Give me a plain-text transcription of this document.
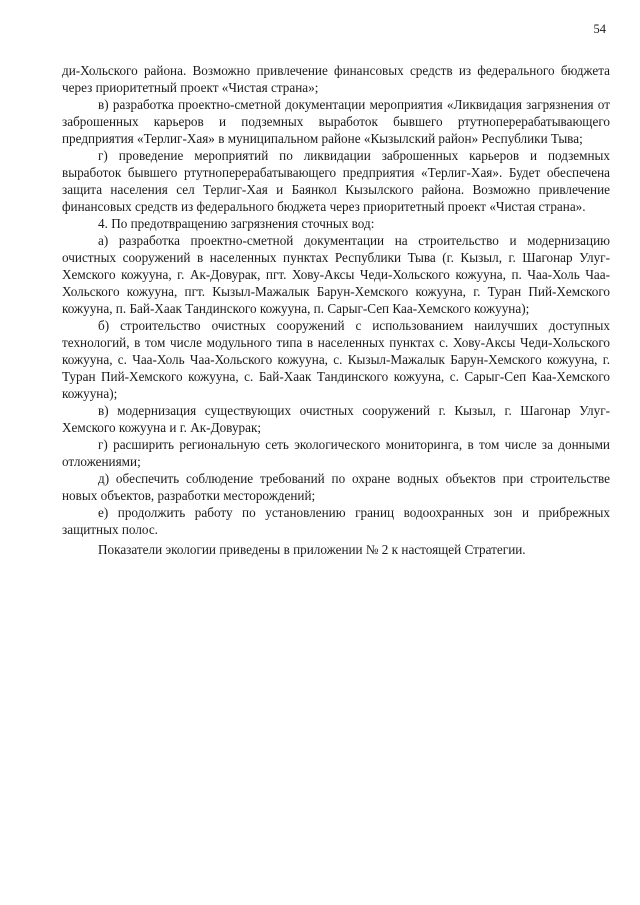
54

ди-Хольского района. Возможно привлечение финансовых средств из федерального бюджета через приоритетный проект «Чистая страна»;

в) разработка проектно-сметной документации мероприятия «Ликвидация загрязнения от заброшенных карьеров и подземных выработок бывшего ртутноперерабатывающего предприятия «Терлиг-Хая» в муниципальном районе «Кызылский район» Республики Тыва;

г) проведение мероприятий по ликвидации заброшенных карьеров и подземных выработок бывшего ртутноперерабатывающего предприятия «Терлиг-Хая». Будет обеспечена защита населения сел Терлиг-Хая и Баянкол Кызылского района. Возможно привлечение финансовых средств из федерального бюджета через приоритетный проект «Чистая страна».

4. По предотвращению загрязнения сточных вод:

а) разработка проектно-сметной документации на строительство и модернизацию очистных сооружений в населенных пунктах Республики Тыва (г. Кызыл, г. Шагонар Улуг-Хемского кожууна, г. Ак-Довурак, пгт. Хову-Аксы Чеди-Хольского кожууна, п. Чаа-Холь Чаа-Хольского кожууна, пгт. Кызыл-Мажалык Барун-Хемского кожууна, г. Туран Пий-Хемского кожууна, п. Бай-Хаак Тандинского кожууна, п. Сарыг-Сеп Каа-Хемского кожууна);

б) строительство очистных сооружений с использованием наилучших доступных технологий, в том числе модульного типа в населенных пунктах с. Хову-Аксы Чеди-Хольского кожууна, с. Чаа-Холь Чаа-Хольского кожууна, с. Кызыл-Мажалык Барун-Хемского кожууна, г. Туран Пий-Хемского кожууна, с. Бай-Хаак Тандинского кожууна, с. Сарыг-Сеп Каа-Хемского кожууна);

в) модернизация существующих очистных сооружений г. Кызыл, г. Шагонар Улуг-Хемского кожууна и г. Ак-Довурак;

г) расширить региональную сеть экологического мониторинга, в том числе за донными отложениями;

д) обеспечить соблюдение требований по охране водных объектов при строительстве новых объектов, разработки месторождений;

е) продолжить работу по установлению границ водоохранных зон и прибрежных защитных полос.

Показатели экологии приведены в приложении № 2 к настоящей Стратегии.
